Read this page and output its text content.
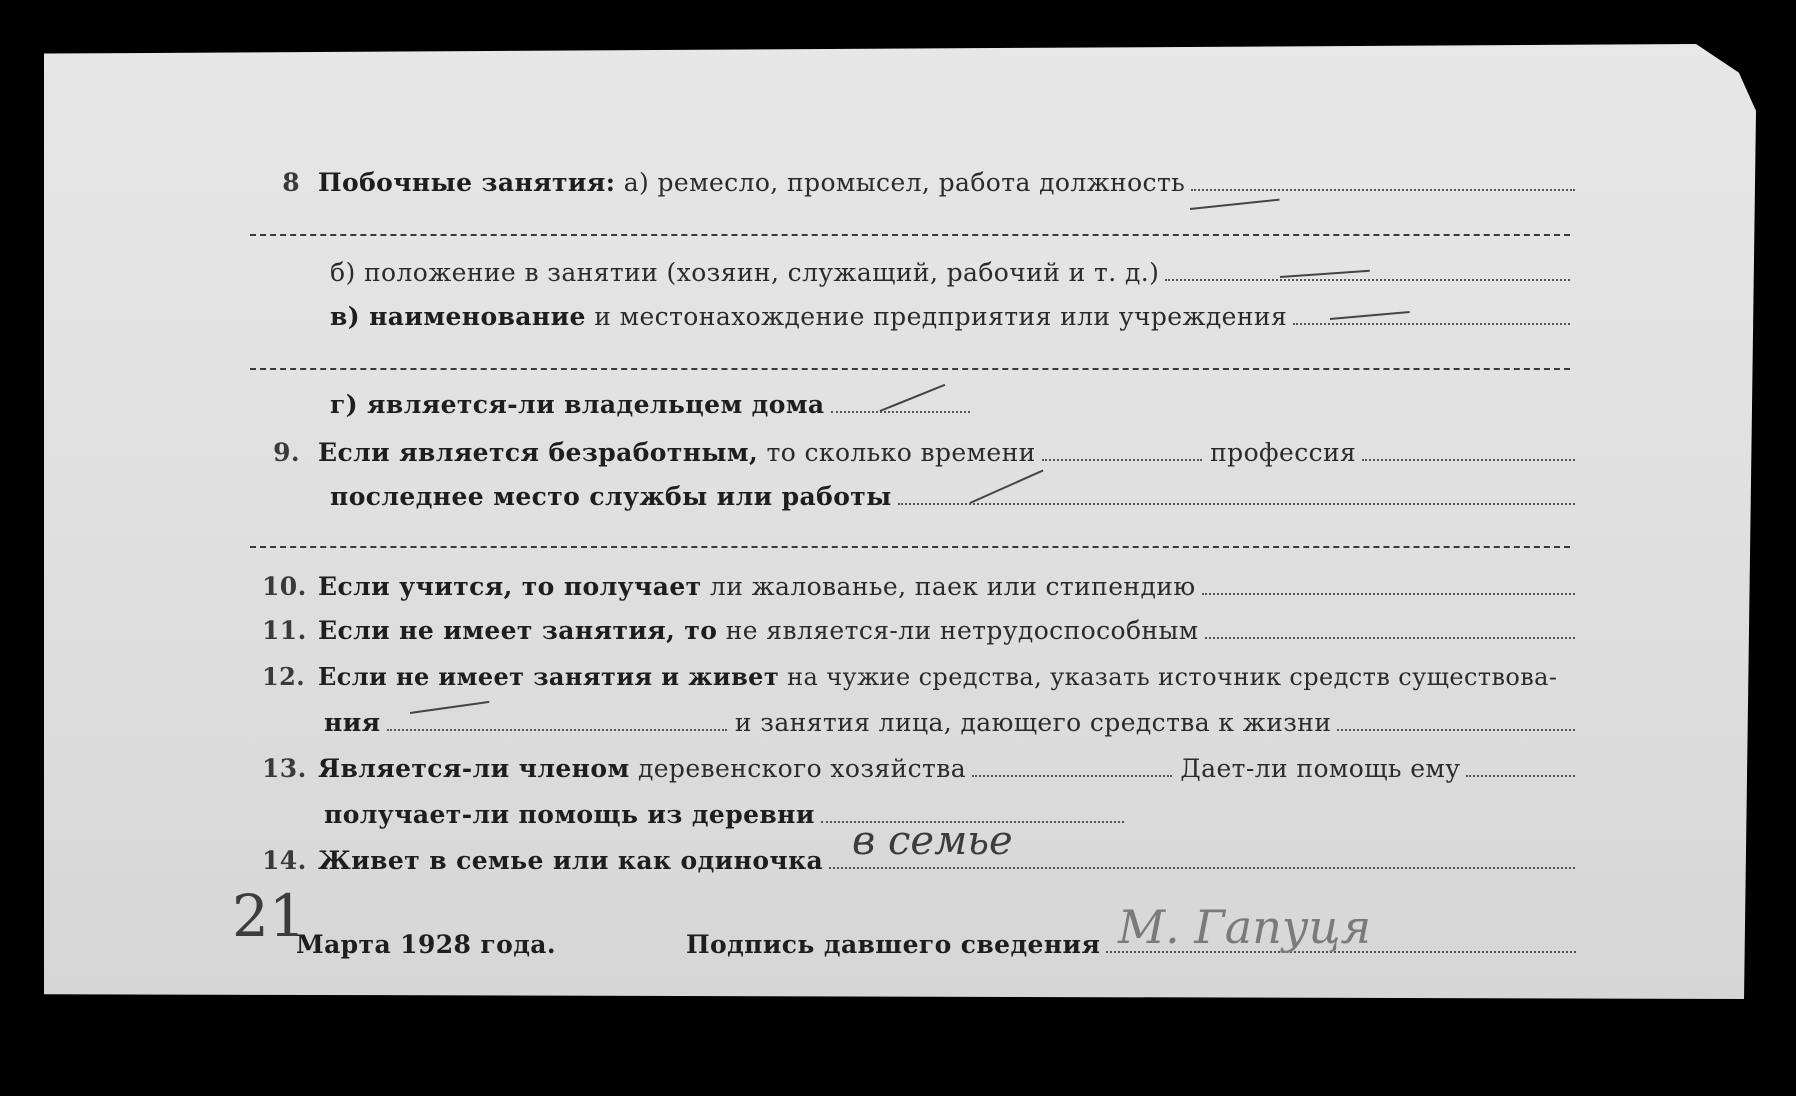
8 Побочные занятия:
а) ремесло, промысел, работа должность
б) положение в занятии (хозяин, служащий, рабочий и т. д.)
в) наименование
и местонахождение предприятия или учреждения
г) является-ли владельцем дома
9. Если является безработным,
то сколько времени
	профессия
последнее место службы или работы
10. Если учится, то получает
ли жалованье, паек или стипендию
11. Если не имеет занятия, то
не является-ли нетрудоспособным
12. Если не имеет занятия и живет
на чужие средства, указать источник средств существова-
ния
	и занятия лица, дающего средства к жизни
13. Является-ли членом
деревенского хозяйства
	Дает-ли помощь ему
получает-ли помощь из деревни
14. Живет в семье или как одиночка в семье
21
Марта 1928 года.	Подпись давшего сведения М. Гапуця
